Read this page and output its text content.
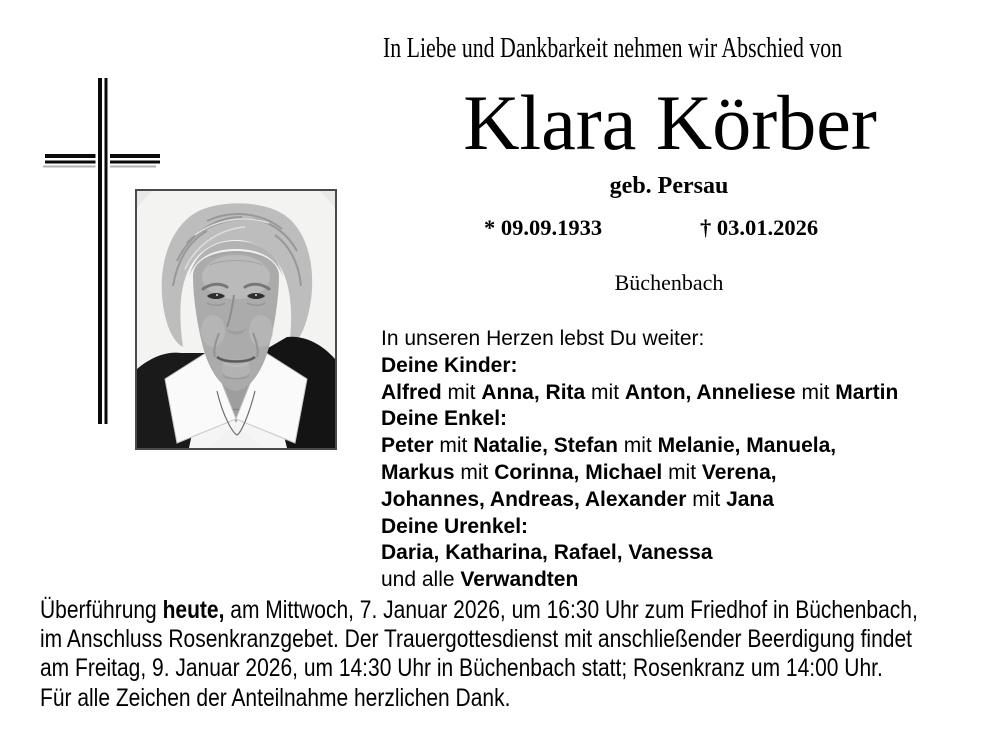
In Liebe und Dankbarkeit nehmen wir Abschied von
Klara Körber
geb. Persau
* 09.09.1933	† 03.01.2026
Büchenbach
In unseren Herzen lebst Du weiter:
Deine Kinder:
Alfred mit Anna, Rita mit Anton, Anneliese mit Martin
Deine Enkel:
Peter mit Natalie, Stefan mit Melanie, Manuela,
Markus mit Corinna, Michael mit Verena,
Johannes, Andreas, Alexander mit Jana
Deine Urenkel:
Daria, Katharina, Rafael, Vanessa
und alle Verwandten
Überführung heute, am Mittwoch, 7. Januar 2026, um 16:30 Uhr zum Friedhof in Büchenbach,
im Anschluss Rosenkranzgebet. Der Trauergottesdienst mit anschließender Beerdigung findet
am Freitag, 9. Januar 2026, um 14:30 Uhr in Büchenbach statt; Rosenkranz um 14:00 Uhr.
Für alle Zeichen der Anteilnahme herzlichen Dank.
